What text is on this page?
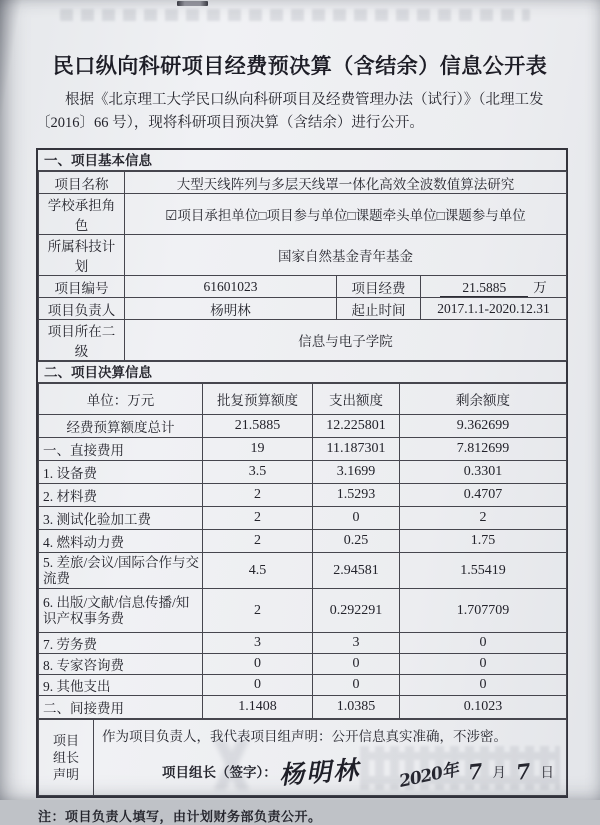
民口纵向科研项目经费预决算（含结余）信息公开表

根据《北京理工大学民口纵向科研项目及经费管理办法（试行）》（北理工发
〔2016〕66 号），现将科研项目预决算（含结余）进行公开。

一、项目基本信息
项目名称	大型天线阵列与多层天线罩一体化高效全波数值算法研究		
学校承担角色	☑项目承担单位□项目参与单位□课题牵头单位□课题参与单位		
所属科技计划	国家自然基金青年基金		
项目编号	61601023	项目经费	21.5885 万
项目负责人	杨明林	起止时间	2017.1.1-2020.12.31
项目所在二级	信息与电子学院		
二、项目决算信息
单位：万元	批复预算额度	支出额度	剩余额度
经费预算额度总计	21.5885	12.225801	9.362699
一、直接费用	19	11.187301	7.812699
1. 设备费	3.5	3.1699	0.3301
2. 材料费	2	1.5293	0.4707
3. 测试化验加工费	2	0	2
4. 燃料动力费	2	0.25	1.75
5. 差旅/会议/国际合作与交流费	4.5	2.94581	1.55419
6. 出版/文献/信息传播/知识产权事务费	2	0.292291	1.707709
7. 劳务费	3	3	0
8. 专家咨询费	0	0	0
9. 其他支出	0	0	0
二、间接费用	1.1408	1.0385	0.1023
项目
组长
声明

作为项目负责人，我代表项目组声明：公开信息真实准确，不涉密。
项目组长（签字）： 杨明林 2020年 7 月 7 日

注：项目负责人填写，由计划财务部负责公开。
